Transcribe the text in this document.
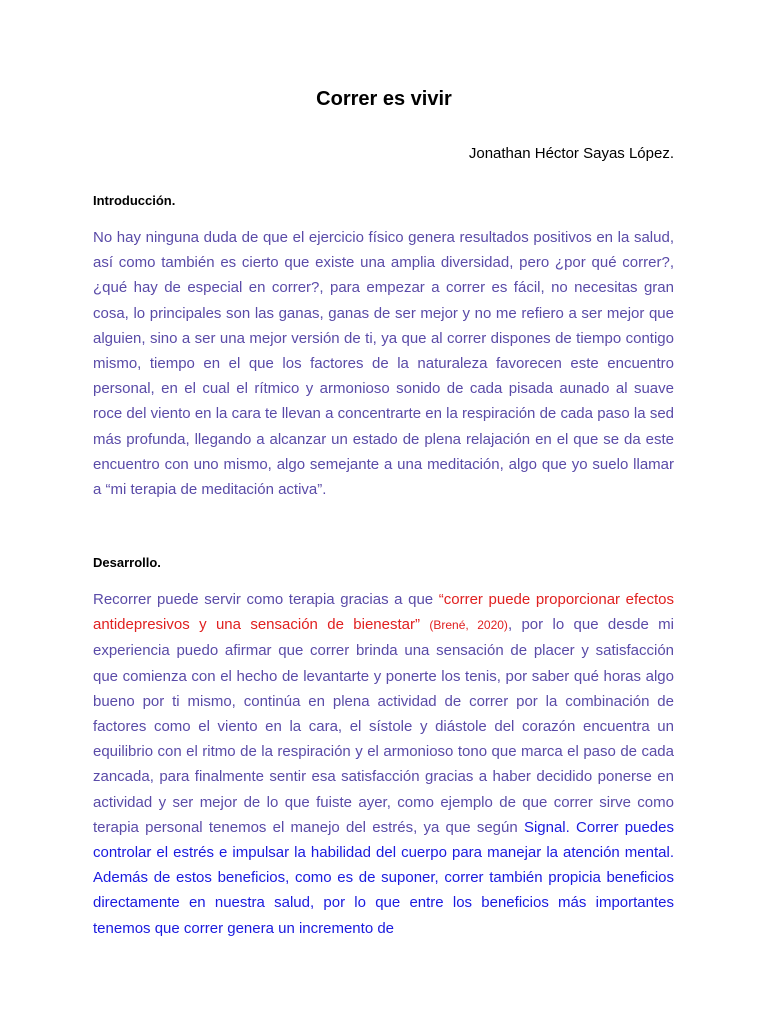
Correr es vivir
Jonathan Héctor Sayas López.
Introducción.

No hay ninguna duda de que el ejercicio físico genera resultados positivos en la salud, así como también es cierto que existe una amplia diversidad, pero ¿por qué correr?, ¿qué hay de especial en correr?, para empezar a correr es fácil, no necesitas gran cosa, lo principales son las ganas, ganas de ser mejor y no me refiero a ser mejor que alguien, sino a ser una mejor versión de ti, ya que al correr dispones de tiempo contigo mismo, tiempo en el que los factores de la naturaleza favorecen este encuentro personal, en el cual el rítmico y armonioso sonido de cada pisada aunado al suave roce del viento en la cara te llevan a concentrarte en la respiración de cada paso la sed más profunda, llegando a alcanzar un estado de plena relajación en el que se da este encuentro con uno mismo, algo semejante a una meditación, algo que yo suelo llamar a “mi terapia de meditación activa”.

Desarrollo.

Recorrer puede servir como terapia gracias a que “correr puede proporcionar efectos antidepresivos y una sensación de bienestar” (Brené, 2020), por lo que desde mi experiencia puedo afirmar que correr brinda una sensación de placer y satisfacción que comienza con el hecho de levantarte y ponerte los tenis, por saber qué horas algo bueno por ti mismo, continúa en plena actividad de correr por la combinación de factores como el viento en la cara, el sístole y diástole del corazón encuentra un equilibrio con el ritmo de la respiración y el armonioso tono que marca el paso de cada zancada, para finalmente sentir esa satisfacción gracias a haber decidido ponerse en actividad y ser mejor de lo que fuiste ayer, como ejemplo de que correr sirve como terapia personal tenemos el manejo del estrés, ya que según Signal. Correr puedes controlar el estrés e impulsar la habilidad del cuerpo para manejar la atención mental. Además de estos beneficios, como es de suponer, correr también propicia beneficios directamente en nuestra salud, por lo que entre los beneficios más importantes tenemos que correr genera un incremento de
